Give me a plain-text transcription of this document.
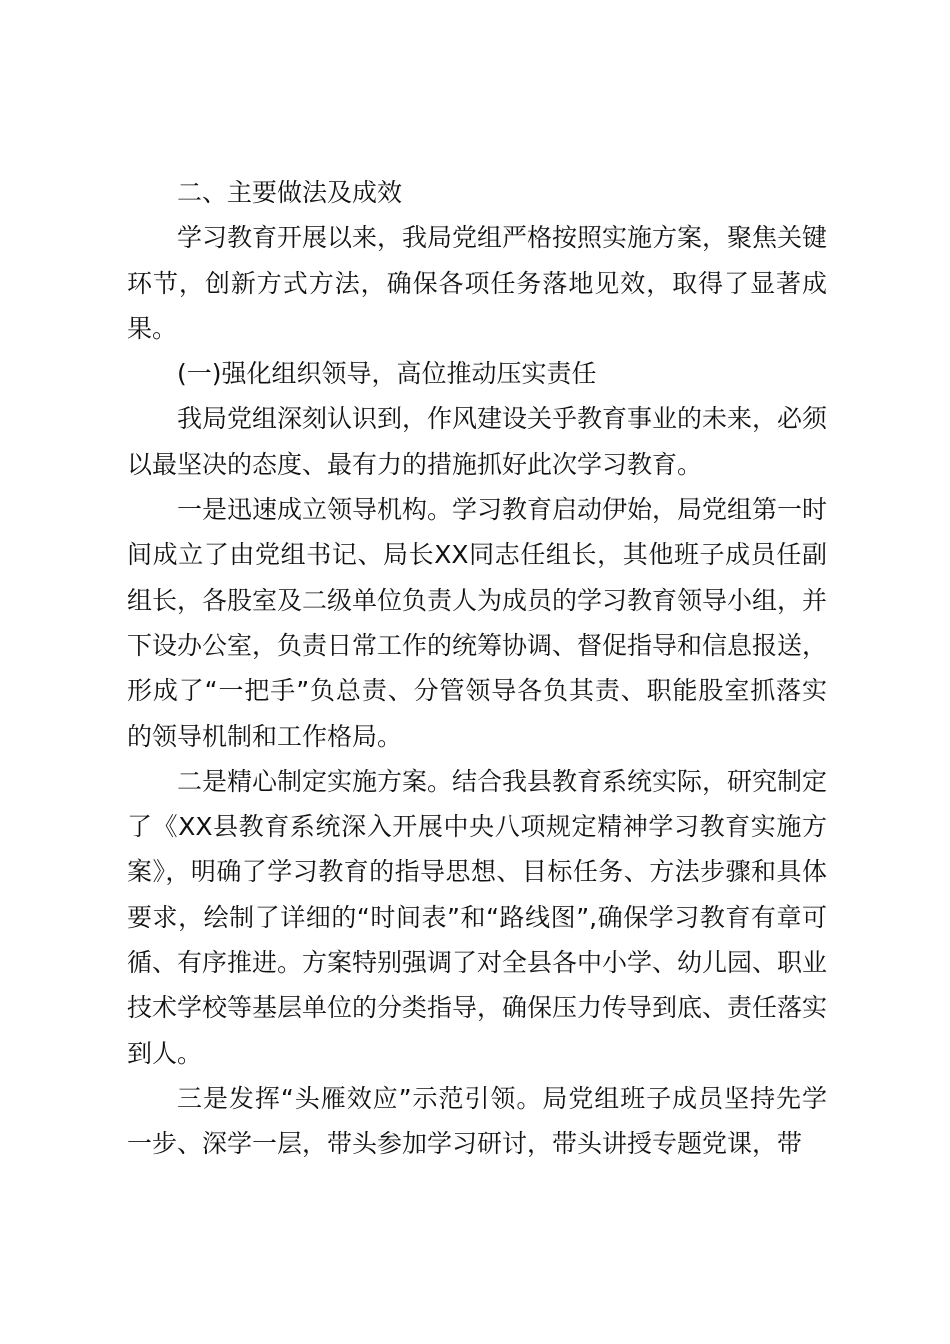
二、主要做法及成效

学习教育开展以来，我局党组严格按照实施方案，聚焦关键环节，创新方式方法，确保各项任务落地见效，取得了显著成果。

(一)强化组织领导，高位推动压实责任

我局党组深刻认识到，作风建设关乎教育事业的未来，必须以最坚决的态度、最有力的措施抓好此次学习教育。

一是迅速成立领导机构。学习教育启动伊始，局党组第一时间成立了由党组书记、局长XX同志任组长，其他班子成员任副组长，各股室及二级单位负责人为成员的学习教育领导小组，并下设办公室，负责日常工作的统筹协调、督促指导和信息报送，形成了“一把手”负总责、分管领导各负其责、职能股室抓落实的领导机制和工作格局。

二是精心制定实施方案。结合我县教育系统实际，研究制定了《XX县教育系统深入开展中央八项规定精神学习教育实施方案》，明确了学习教育的指导思想、目标任务、方法步骤和具体要求，绘制了详细的“时间表”和“路线图”,确保学习教育有章可循、有序推进。方案特别强调了对全县各中小学、幼儿园、职业技术学校等基层单位的分类指导，确保压力传导到底、责任落实到人。

三是发挥“头雁效应”示范引领。局党组班子成员坚持先学一步、深学一层，带头参加学习研讨，带头讲授专题党课，带
